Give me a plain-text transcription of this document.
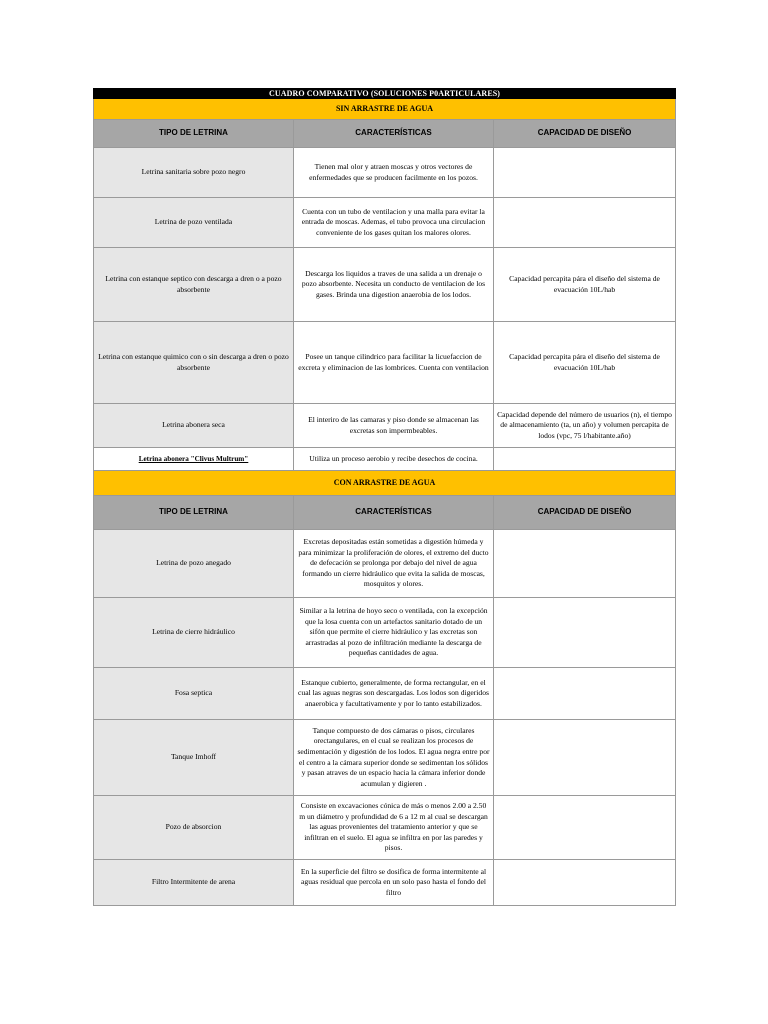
CUADRO COMPARATIVO (SOLUCIONES P0ARTICULARES)		
SIN ARRASTRE DE AGUA		
TIPO DE LETRINA	CARACTERÍSTICAS	CAPACIDAD DE DISEÑO
Letrina sanitaria sobre pozo negro	Tienen mal olor y atraen moscas y otros vectores de enfermedades que se producen facilmente en los pozos.	
Letrina de pozo ventilada	Cuenta con un tubo de ventilacion y una malla para evitar la entrada de moscas. Ademas, el tubo provoca una circulacion conveniente de los gases quitan los malores olores.	
Letrina con estanque septico con descarga a dren o a pozo absorbente	Descarga los liquidos a traves de una salida a un drenaje o pozo absorbente. Necesita un conducto de ventilacion de los gases. Brinda una digestion anaerobia de los lodos.	Capacidad percapita pára el diseño del sistema de evacuación 10L/hab
Letrina con estanque quimico con o sin descarga a dren o pozo absorbente	Posee un tanque cilindrico para facilitar la licuefaccion de excreta y eliminacion de las lombrices. Cuenta con ventilacion	Capacidad percapita pára el diseño del sistema de evacuación 10L/hab
Letrina abonera seca	El interiro de las camaras y piso donde se almacenan las excretas son impermbeables.	Capacidad depende del número de usuarios (n), el tiempo de almacenamiento (ta, un año) y volumen percapita de lodos (vpc, 75 l/habitante.año)
Letrina abonera "Clivus Multrum"	Utiliza un proceso aerobio y recibe desechos de cocina.	
CON ARRASTRE DE AGUA		
TIPO DE LETRINA	CARACTERÍSTICAS	CAPACIDAD DE DISEÑO
Letrina de pozo anegado	Excretas depositadas están sometidas a digestión húmeda y para minimizar la proliferación de olores, el extremo del ducto de defecación se prolonga por debajo del nivel de agua formando un cierre hidráulico que evita la salida de moscas, mosquitos y olores.	
Letrina de cierre hidráulico	Similar a la letrina de hoyo seco o ventilada, con la excepción que la losa cuenta con un artefactos sanitario dotado de un sifón que permite el cierre hidráulico y las excretas son arrastradas al pozo de infiltración mediante la descarga de pequeñas cantidades de agua.	
Fosa septica	Estanque cubierto, generalmente, de forma rectangular, en el cual las aguas negras son descargadas. Los lodos son digeridos anaerobica y facultativamente y por lo tanto estabilizados.	
Tanque Imhoff	Tanque compuesto de dos cámaras o pisos, circulares orectangulares, en el cual se realizan los procesos de sedimentación y digestión de los lodos. El agua negra entre por el centro a la cámara superior donde se sedimentan los sólidos y pasan atraves de un espacio hacia la cámara inferior donde acumulan y digieren .	
Pozo de absorcion	Consiste en excavaciones cónica de más o menos 2.00 a 2.50 m un diámetro y profundidad de 6 a 12 m al cual se descargan las aguas provenientes del tratamiento anterior y que se infiltran en el suelo. El agua se infiltra en por las paredes y pisos.	
Filtro Intermitente de arena	En la superficie del filtro se dosifica de forma intermitente al aguas residual que percola en un solo paso hasta el fondo del filtro	
